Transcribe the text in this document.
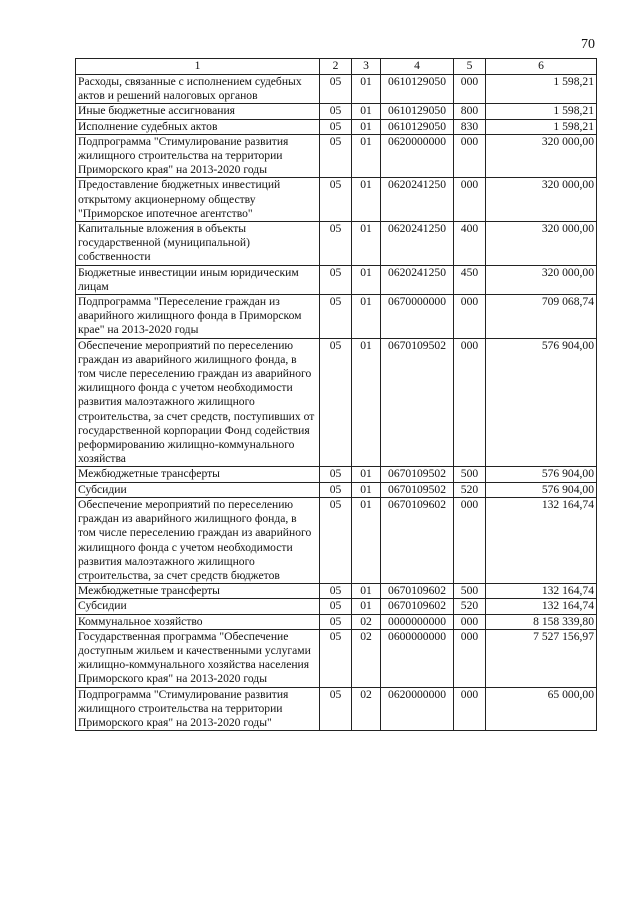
70
1	2	3	4	5	6
Расходы, связанные с исполнением судебных актов и решений налоговых органов	05	01	0610129050	000	1 598,21
Иные бюджетные ассигнования	05	01	0610129050	800	1 598,21
Исполнение судебных актов	05	01	0610129050	830	1 598,21
Подпрограмма "Стимулирование развития жилищного строительства на территории Приморского края" на 2013-2020 годы	05	01	0620000000	000	320 000,00
Предоставление бюджетных инвестиций открытому акционерному обществу "Приморское ипотечное агентство"	05	01	0620241250	000	320 000,00
Капитальные вложения в объекты государственной (муниципальной) собственности	05	01	0620241250	400	320 000,00
Бюджетные инвестиции иным юридическим лицам	05	01	0620241250	450	320 000,00
Подпрограмма "Переселение граждан из аварийного жилищного фонда в Приморском крае" на 2013-2020 годы	05	01	0670000000	000	709 068,74
Обеспечение мероприятий по переселению граждан из аварийного жилищного фонда, в том числе переселению граждан из аварийного жилищного фонда с учетом необходимости развития малоэтажного жилищного строительства, за счет средств, поступивших от государственной корпорации Фонд содействия реформированию жилищно-коммунального хозяйства	05	01	0670109502	000	576 904,00
Межбюджетные трансферты	05	01	0670109502	500	576 904,00
Субсидии	05	01	0670109502	520	576 904,00
Обеспечение мероприятий по переселению граждан из аварийного жилищного фонда, в том числе переселению граждан из аварийного жилищного фонда с учетом необходимости развития малоэтажного жилищного строительства, за счет средств бюджетов	05	01	0670109602	000	132 164,74
Межбюджетные трансферты	05	01	0670109602	500	132 164,74
Субсидии	05	01	0670109602	520	132 164,74
Коммунальное хозяйство	05	02	0000000000	000	8 158 339,80
Государственная программа "Обеспечение доступным жильем и качественными услугами жилищно-коммунального хозяйства населения Приморского края" на 2013-2020 годы	05	02	0600000000	000	7 527 156,97
Подпрограмма "Стимулирование развития жилищного строительства на территории Приморского края" на 2013-2020 годы"	05	02	0620000000	000	65 000,00
